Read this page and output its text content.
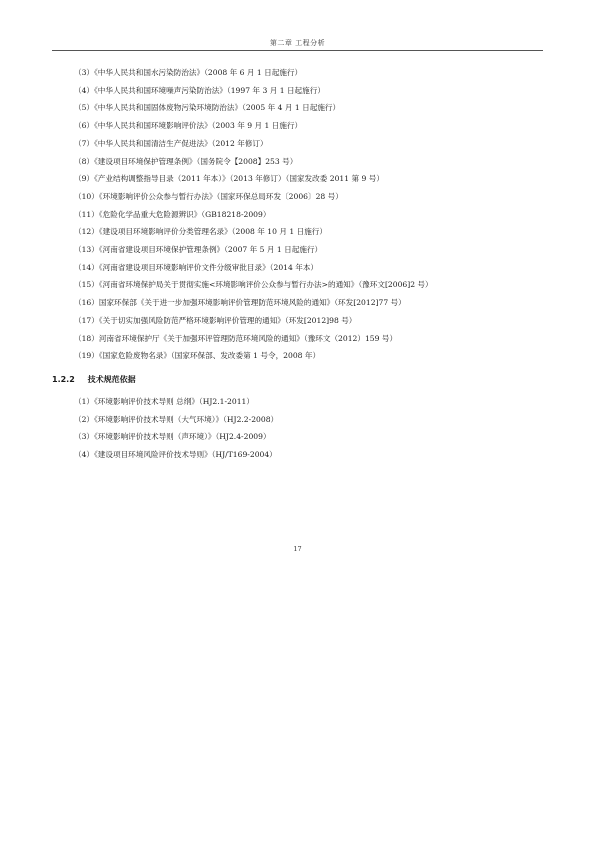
第二章 工程分析

（3）《中华人民共和国水污染防治法》（2008 年 6 月 1 日起施行）

（4）《中华人民共和国环境噪声污染防治法》（1997 年 3 月 1 日起施行）

（5）《中华人民共和国固体废物污染环境防治法》（2005 年 4 月 1 日起施行）

（6）《中华人民共和国环境影响评价法》（2003 年 9 月 1 日施行）

（7）《中华人民共和国清洁生产促进法》（2012 年修订）

（8）《建设项目环境保护管理条例》（国务院令【2008】253 号）

（9）《产业结构调整指导目录（2011 年本）》（2013 年修订）（国家发改委 2011 第 9 号）

（10）《环境影响评价公众参与暂行办法》（国家环保总局环发〔2006〕28 号）

（11）《危险化学品重大危险源辨识》（GB18218-2009）

（12）《建设项目环境影响评价分类管理名录》（2008 年 10 月 1 日施行）

（13）《河南省建设项目环境保护管理条例》（2007 年 5 月 1 日起施行）

（14）《河南省建设项目环境影响评价文件分级审批目录》（2014 年本）

（15）《河南省环境保护局关于贯彻实施<环境影响评价公众参与暂行办法>的通知》（豫环文[2006]2 号）

（16）国家环保部《关于进一步加强环境影响评价管理防范环境风险的通知》（环发[2012]77 号）

（17）《关于切实加强风险防范严格环境影响评价管理的通知》（环发[2012]98 号）

（18）河南省环境保护厅《关于加强环评管理防范环境风险的通知》（豫环文（2012）159 号）

（19）《国家危险废物名录》（国家环保部、发改委第 1 号令，2008 年）

1.2.2 技术规范依据

（1）《环境影响评价技术导则 总纲》（HJ2.1-2011）

（2）《环境影响评价技术导则（大气环境）》（HJ2.2-2008）

（3）《环境影响评价技术导则（声环境）》（HJ2.4-2009）

（4）《建设项目环境风险评价技术导则》（HJ/T169-2004）

17
